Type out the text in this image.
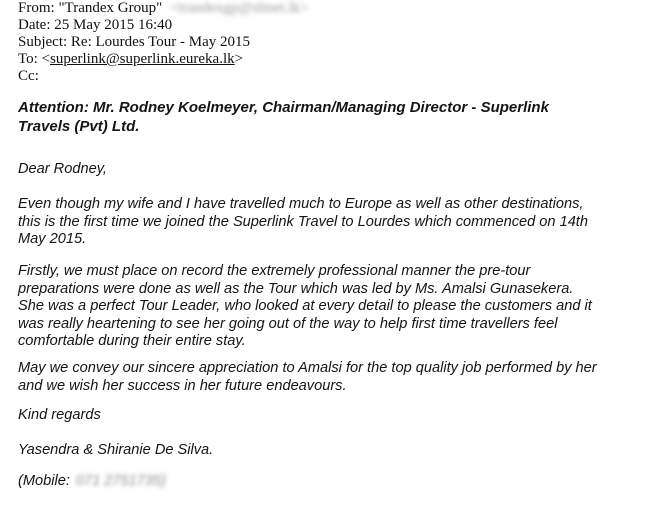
From: "Trandex Group" <trandexgp@sltnet.lk>
Date: 25 May 2015 16:40
Subject: Re: Lourdes Tour - May 2015
To: <superlink@superlink.eureka.lk>
Cc:
Attention: Mr. Rodney Koelmeyer, Chairman/Managing Director - Superlink
Travels (Pvt) Ltd.
Dear Rodney,
Even though my wife and I have travelled much to Europe as well as other destinations,
this is the first time we joined the Superlink Travel to Lourdes which commenced on 14th
May 2015.
Firstly, we must place on record the extremely professional manner the pre-tour
preparations were done as well as the Tour which was led by Ms. Amalsi Gunasekera.
She was a perfect Tour Leader, who looked at every detail to please the customers and it
was really heartening to see her going out of the way to help first time travellers feel
comfortable during their entire stay.
May we convey our sincere appreciation to Amalsi for the top quality job performed by her
and we wish her success in her future endeavours.
Kind regards
Yasendra & Shiranie De Silva.
(Mobile: 071 2751735)
